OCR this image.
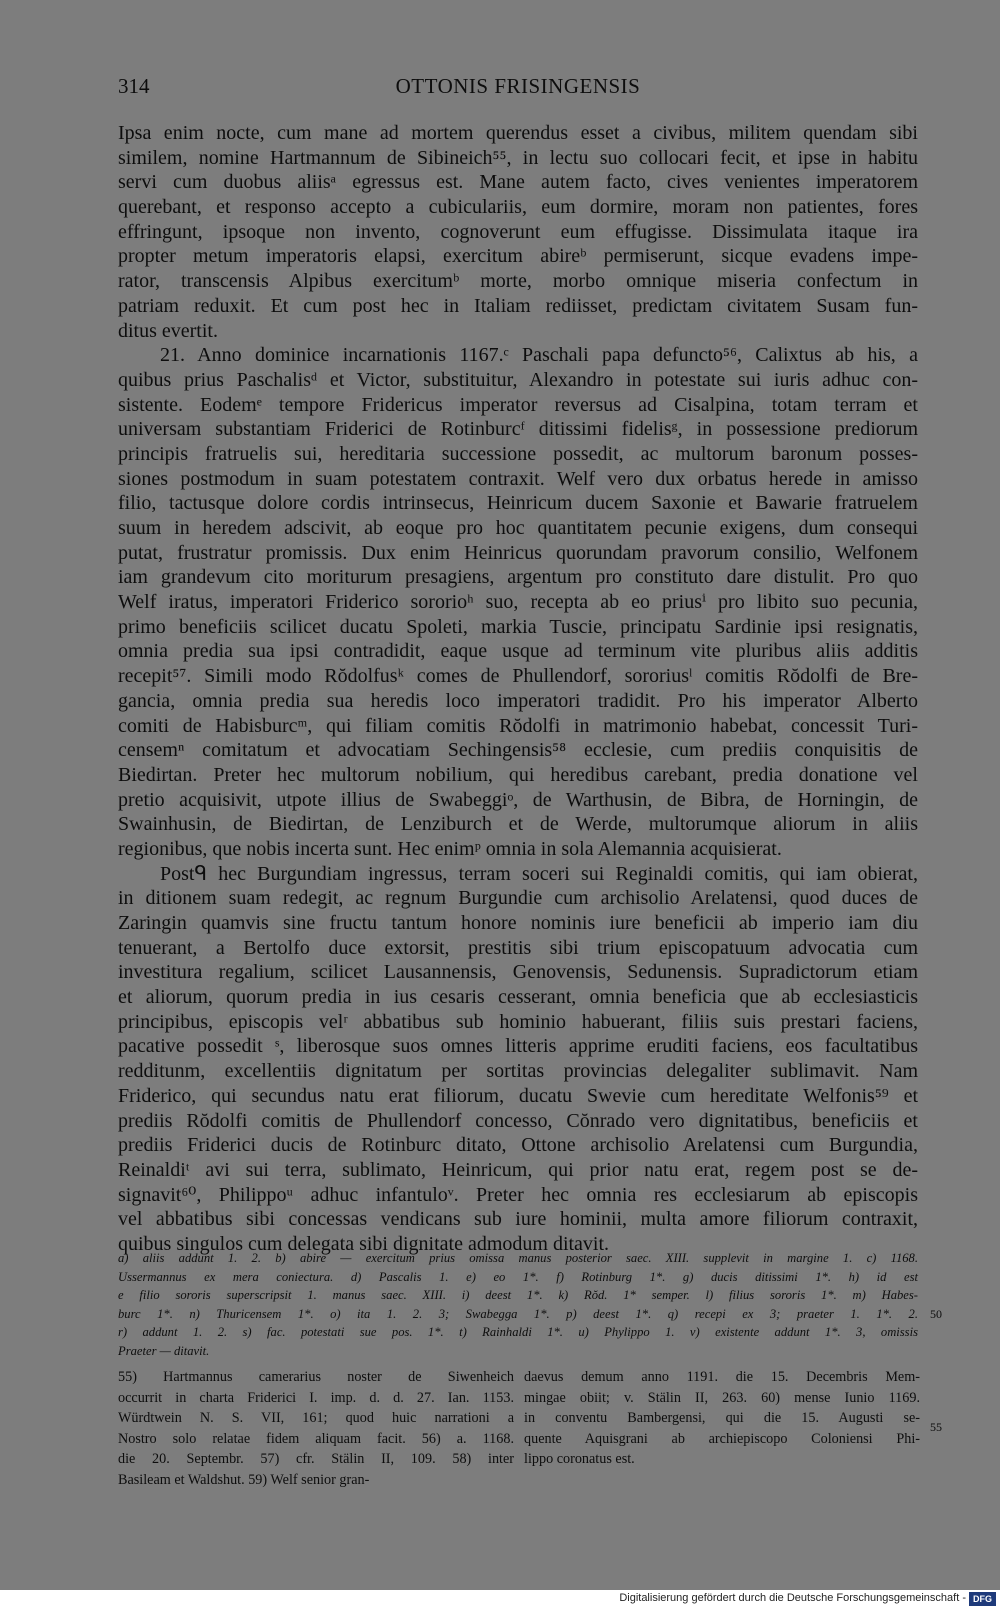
314	OTTONIS FRISINGENSIS
Ipsa enim nocte, cum mane ad mortem querendus esset a civibus, militem quendam sibi
similem, nomine Hartmannum de Sibineich⁵⁵, in lectu suo collocari fecit, et ipse in habitu
servi cum duobus aliisᵃ egressus est. Mane autem facto, cives venientes imperatorem
querebant, et responso accepto a cubiculariis, eum dormire, moram non patientes, fores
effringunt, ipsoque non invento, cognoverunt eum effugisse. Dissimulata itaque ira
propter metum imperatoris elapsi, exercitum abireᵇ permiserunt, sicque evadens impe-
rator, transcensis Alpibus exercitumᵇ morte, morbo omnique miseria confectum in
patriam reduxit. Et cum post hec in Italiam rediisset, predictam civitatem Susam fun-
ditus evertit.
21. Anno dominice incarnationis 1167.ᶜ Paschali papa defuncto⁵⁶, Calixtus ab his, a
quibus prius Paschalisᵈ et Victor, substituitur, Alexandro in potestate sui iuris adhuc con-
sistente. Eodemᵉ tempore Fridericus imperator reversus ad Cisalpina, totam terram et
universam substantiam Friderici de Rotinburcᶠ ditissimi fidelisᵍ, in possessione prediorum
principis fratruelis sui, hereditaria successione possedit, ac multorum baronum posses-
siones postmodum in suam potestatem contraxit. Welf vero dux orbatus herede in amisso
filio, tactusque dolore cordis intrinsecus, Heinricum ducem Saxonie et Bawarie fratruelem
suum in heredem adscivit, ab eoque pro hoc quantitatem pecunie exigens, dum consequi
putat, frustratur promissis. Dux enim Heinricus quorundam pravorum consilio, Welfonem
iam grandevum cito moriturum presagiens, argentum pro constituto dare distulit. Pro quo
Welf iratus, imperatori Friderico sororioʰ suo, recepta ab eo priusⁱ pro libito suo pecunia,
primo beneficiis scilicet ducatu Spoleti, markia Tuscie, principatu Sardinie ipsi resignatis,
omnia predia sua ipsi contradidit, eaque usque ad terminum vite pluribus aliis additis
recepit⁵⁷. Simili modo Rŏdolfusᵏ comes de Phullendorf, sororiusˡ comitis Rŏdolfi de Bre-
gancia, omnia predia sua heredis loco imperatori tradidit. Pro his imperator Alberto
comiti de Habisburcᵐ, qui filiam comitis Rŏdolfi in matrimonio habebat, concessit Turi-
censemⁿ comitatum et advocatiam Sechingensis⁵⁸ ecclesie, cum prediis conquisitis de
Biedirtan. Preter hec multorum nobilium, qui heredibus carebant, predia donatione vel
pretio acquisivit, utpote illius de Swabeggiᵒ, de Warthusin, de Bibra, de Horningin, de
Swainhusin, de Biedirtan, de Lenziburch et de Werde, multorumque aliorum in aliis
regionibus, que nobis incerta sunt. Hec enimᵖ omnia in sola Alemannia acquisierat.
Postᑫ hec Burgundiam ingressus, terram soceri sui Reginaldi comitis, qui iam obierat,
in ditionem suam redegit, ac regnum Burgundie cum archisolio Arelatensi, quod duces de
Zaringin quamvis sine fructu tantum honore nominis iure beneficii ab imperio iam diu
tenuerant, a Bertolfo duce extorsit, prestitis sibi trium episcopatuum advocatia cum
investitura regalium, scilicet Lausannensis, Genovensis, Sedunensis. Supradictorum etiam
et aliorum, quorum predia in ius cesaris cesserant, omnia beneficia que ab ecclesiasticis
principibus, episcopis velʳ abbatibus sub hominio habuerant, filiis suis prestari faciens,
pacative possedit ˢ, liberosque suos omnes litteris apprime eruditi faciens, eos facultatibus
redditunm, excellentiis dignitatum per sortitas provincias delegaliter sublimavit. Nam
Friderico, qui secundus natu erat filiorum, ducatu Swevie cum hereditate Welfonis⁵⁹ et
prediis Rŏdolfi comitis de Phullendorf concesso, Cŏnrado vero dignitatibus, beneficiis et
prediis Friderici ducis de Rotinburc ditato, Ottone archisolio Arelatensi cum Burgundia,
Reinaldiᵗ avi sui terra, sublimato, Heinricum, qui prior natu erat, regem post se de-
signavit⁶⁰, Philippoᵘ adhuc infantuloᵛ. Preter hec omnia res ecclesiarum ab episcopis
vel abbatibus sibi concessas vendicans sub iure hominii, multa amore filiorum contraxit,
quibus singulos cum delegata sibi dignitate admodum ditavit.
a) aliis addunt 1. 2. b) abire — exercitum prius omissa manus posterior saec. XIII. supplevit in margine 1. c) 1168.
Ussermannus ex mera coniectura. d) Pascalis 1. e) eo 1*. f) Rotinburg 1*. g) ducis ditissimi 1*. h) id est
e filio sororis superscripsit 1. manus saec. XIII. i) deest 1*. k) Rŏd. 1* semper. l) filius sororis 1*. m) Habes-
burc 1*. n) Thuricensem 1*. o) ita 1. 2. 3; Swabegga 1*. p) deest 1*. q) recepi ex 3; praeter 1. 1*. 2.
r) addunt 1. 2. s) fac. potestati sue pos. 1*. t) Rainhaldi 1*. u) Phylippo 1. v) existente addunt 1*. 3, omissis
Praeter — ditavit.
50
55) Hartmannus camerarius noster de Siwenheich
occurrit in charta Friderici I. imp. d. d. 27. Ian. 1153.
Würdtwein N. S. VII, 161; quod huic narrationi a
Nostro solo relatae fidem aliquam facit. 56) a. 1168.
die 20. Septembr. 57) cfr. Stälin II, 109. 58) inter
Basileam et Waldshut. 59) Welf senior gran-
daevus demum anno 1191. die 15. Decembris Mem-
mingae obiit; v. Stälin II, 263. 60) mense Iunio 1169.
in conventu Bambergensi, qui die 15. Augusti se-
quente Aquisgrani ab archiepiscopo Coloniensi Phi-
lippo coronatus est.
55
Digitalisierung gefördert durch die Deutsche Forschungsgemeinschaft - DFG
